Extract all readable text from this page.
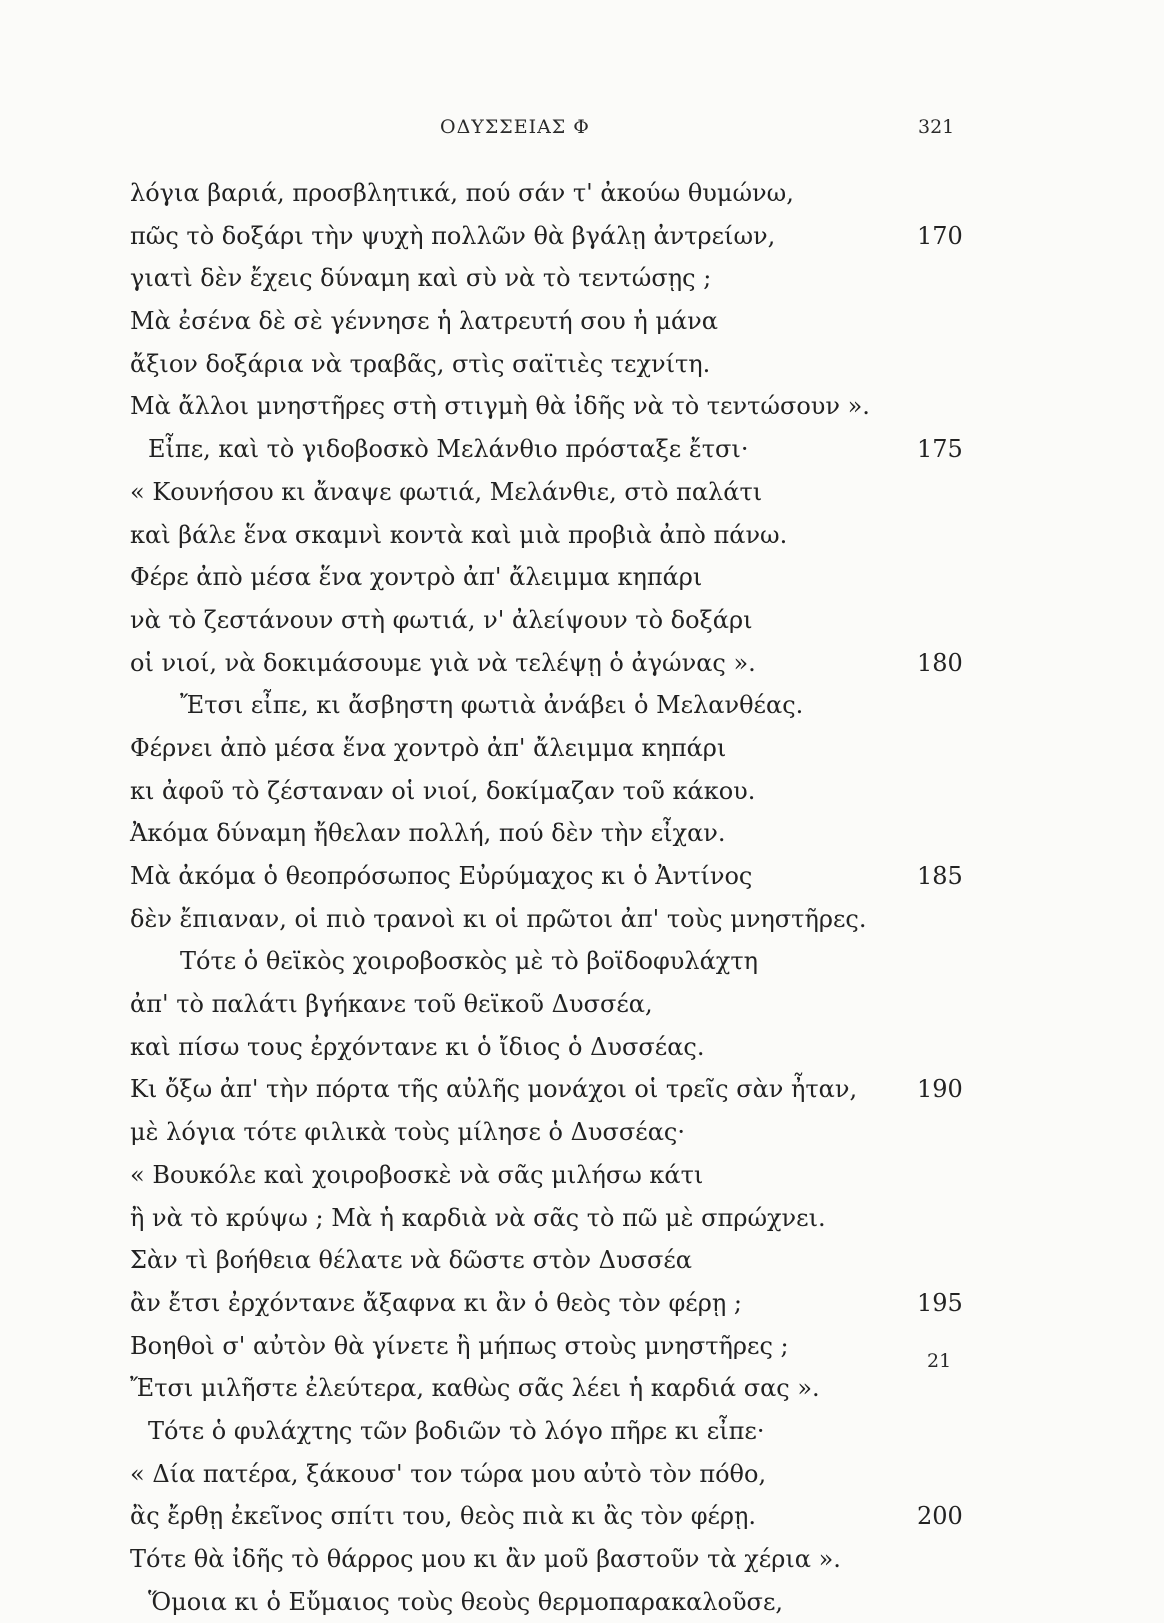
ΟΔΥΣΣΕΙΑΣ Φ	321
λόγια βαριά, προσβλητικά, πού σάν τ' ἀκούω θυμώνω,
πῶς τὸ δοξάρι τὴν ψυχὴ πολλῶν θὰ βγάλῃ ἀντρείων,	170
γιατὶ δὲν ἔχεις δύναμη καὶ σὺ νὰ τὸ τεντώσῃς ;
Μὰ ἐσένα δὲ σὲ γέννησε ἡ λατρευτή σου ἡ μάνα
ἄξιον δοξάρια νὰ τραβᾶς, στὶς σαϊτιὲς τεχνίτη.
Μὰ ἄλλοι μνηστῆρες στὴ στιγμὴ θὰ ἰδῆς νὰ τὸ τεντώσουν ».
Εἶπε, καὶ τὸ γιδοβοσκὸ Μελάνθιο πρόσταξε ἔτσι·	175
« Κουνήσου κι ἄναψε φωτιά, Μελάνθιε, στὸ παλάτι
καὶ βάλε ἕνα σκαμνὶ κοντὰ καὶ μιὰ προβιὰ ἀπὸ πάνω.
Φέρε ἀπὸ μέσα ἕνα χοντρὸ ἀπ' ἄλειμμα κηπάρι
νὰ τὸ ζεστάνουν στὴ φωτιά, ν' ἀλείψουν τὸ δοξάρι
οἱ νιοί, νὰ δοκιμάσουμε γιὰ νὰ τελέψῃ ὁ ἀγώνας ».	180
Ἔτσι εἶπε, κι ἄσβηστη φωτιὰ ἀνάβει ὁ Μελανθέας.
Φέρνει ἀπὸ μέσα ἕνα χοντρὸ ἀπ' ἄλειμμα κηπάρι
κι ἀφοῦ τὸ ζέσταναν οἱ νιοί, δοκίμαζαν τοῦ κάκου.
Ἀκόμα δύναμη ἤθελαν πολλή, πού δὲν τὴν εἶχαν.
Μὰ ἀκόμα ὁ θεοπρόσωπος Εὐρύμαχος κι ὁ Ἀντίνος	185
δὲν ἔπιαναν, οἱ πιὸ τρανοὶ κι οἱ πρῶτοι ἀπ' τοὺς μνηστῆρες.
Τότε ὁ θεϊκὸς χοιροβοσκὸς μὲ τὸ βοϊδοφυλάχτη
ἀπ' τὸ παλάτι βγήκανε τοῦ θεϊκοῦ Δυσσέα,
καὶ πίσω τους ἐρχόντανε κι ὁ ἴδιος ὁ Δυσσέας.
Κι ὄξω ἀπ' τὴν πόρτα τῆς αὐλῆς μονάχοι οἱ τρεῖς σὰν ἦταν, 190
μὲ λόγια τότε φιλικὰ τοὺς μίλησε ὁ Δυσσέας·
« Βουκόλε καὶ χοιροβοσκὲ νὰ σᾶς μιλήσω κάτι
ἢ νὰ τὸ κρύψω ; Μὰ ἡ καρδιὰ νὰ σᾶς τὸ πῶ μὲ σπρώχνει.
Σὰν τὶ βοήθεια θέλατε νὰ δῶστε στὸν Δυσσέα
ἂν ἔτσι ἐρχόντανε ἄξαφνα κι ἂν ὁ θεὸς τὸν φέρῃ ;	195
Βοηθοὶ σ' αὐτὸν θὰ γίνετε ἢ μήπως στοὺς μνηστῆρες ;
Ἔτσι μιλῆστε ἐλεύτερα, καθὼς σᾶς λέει ἡ καρδιά σας ».
Τότε ὁ φυλάχτης τῶν βοδιῶν τὸ λόγο πῆρε κι εἶπε·
« Δία πατέρα, ξάκουσ' τον τώρα μου αὐτὸ τὸν πόθο,
ἂς ἔρθῃ ἐκεῖνος σπίτι του, θεὸς πιὰ κι ἂς τὸν φέρῃ.	200
Τότε θὰ ἰδῆς τὸ θάρρος μου κι ἂν μοῦ βαστοῦν τὰ χέρια ».
Ὅμοια κι ὁ Εὔμαιος τοὺς θεοὺς θερμοπαρακαλοῦσε,
21
